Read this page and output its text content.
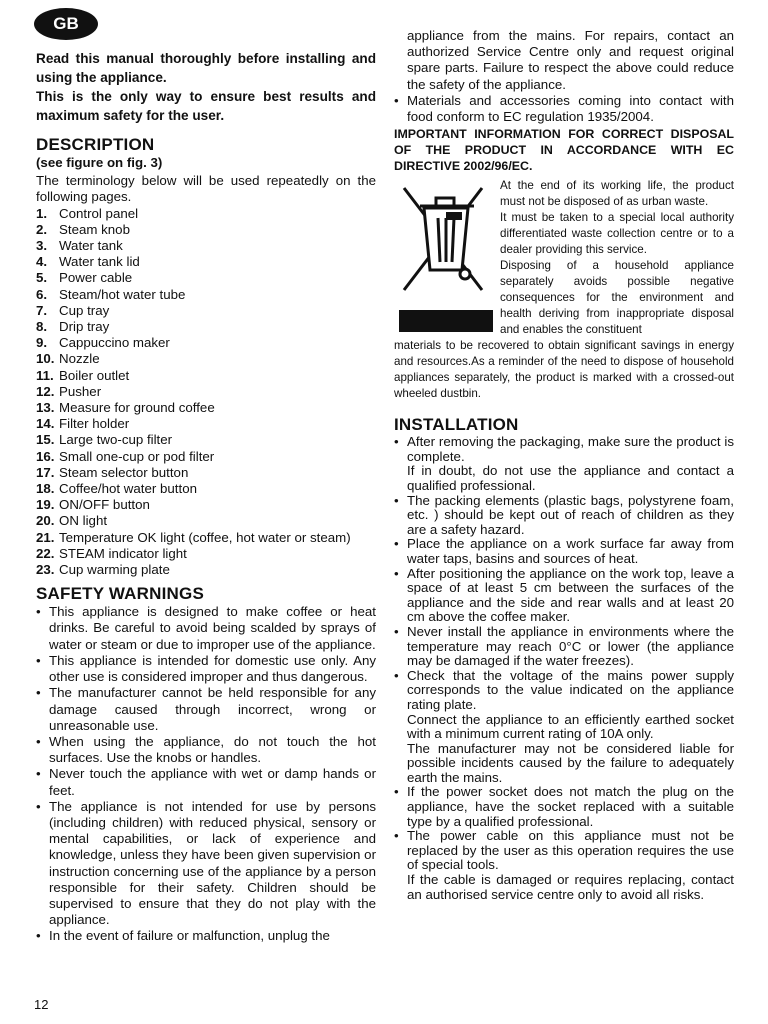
GB

Read this manual thoroughly before installing and using the appliance.

This is the only way to ensure best results and maximum safety for the user.

DESCRIPTION

(see figure on fig. 3)

The terminology below will be used repeatedly on the following pages.

1. Control panel
2. Steam knob
3. Water tank
4. Water tank lid
5. Power cable
6. Steam/hot water tube
7. Cup tray
8. Drip tray
9. Cappuccino maker
10. Nozzle
11. Boiler outlet
12. Pusher
13. Measure for ground coffee
14. Filter holder
15. Large two-cup filter
16. Small one-cup or pod filter
17. Steam selector button
18. Coffee/hot water button
19. ON/OFF button
20. ON light
21. Temperature OK light (coffee, hot water or steam)
22. STEAM indicator light
23. Cup warming plate
SAFETY WARNINGS
• This appliance is designed to make coffee or heat drinks. Be careful to avoid being scalded by sprays of water or steam or due to improper use of the appliance.
• This appliance is intended for domestic use only. Any other use is considered improper and thus dangerous.
• The manufacturer cannot be held responsible for any damage caused through incorrect, wrong or unreasonable use.
• When using the appliance, do not touch the hot surfaces. Use the knobs or handles.
• Never touch the appliance with wet or damp hands or feet.
• The appliance is not intended for use by persons (including children) with reduced physical, sensory or mental capabilities, or lack of experience and knowledge, unless they have been given supervision or instruction concerning use of the appliance by a person responsible for their safety. Children should be supervised to ensure that they do not play with the appliance.
• In the event of failure or malfunction, unplug the

appliance from the mains. For repairs, contact an authorized Service Centre only and request original spare parts. Failure to respect the above could reduce the safety of the appliance.

• Materials and accessories coming into contact with food conform to EC regulation 1935/2004.

IMPORTANT INFORMATION FOR CORRECT DISPOSAL OF THE PRODUCT IN ACCORDANCE WITH EC DIRECTIVE 2002/96/EC.

At the end of its working life, the product must not be disposed of as urban waste.

It must be taken to a special local authority differentiated waste collection centre or to a dealer providing this service.

Disposing of a household appliance separately avoids possible negative consequences for the environment and health deriving from inappropriate disposal and enables the constituent

materials to be recovered to obtain significant savings in energy and resources.As a reminder of the need to dispose of household appliances separately, the product is marked with a crossed-out wheeled dustbin.

INSTALLATION
• After removing the packaging, make sure the product is complete.

If in doubt, do not use the appliance and contact a qualified professional.

• The packing elements (plastic bags, polystyrene foam, etc. ) should be kept out of reach of children as they are a safety hazard.
• Place the appliance on a work surface far away from water taps, basins and sources of heat.
• After positioning the appliance on the work top, leave a space of at least 5 cm between the surfaces of the appliance and the side and rear walls and at least 20 cm above the coffee maker.
• Never install the appliance in environments where the temperature may reach 0°C or lower (the appliance may be damaged if the water freezes).
• Check that the voltage of the mains power supply corresponds to the value indicated on the appliance rating plate.

Connect the appliance to an efficiently earthed socket with a minimum current rating of 10A only.

The manufacturer may not be considered liable for possible incidents caused by the failure to adequately earth the mains.

• If the power socket does not match the plug on the appliance, have the socket replaced with a suitable type by a qualified professional.
• The power cable on this appliance must not be replaced by the user as this operation requires the use of special tools.

If the cable is damaged or requires replacing, contact an authorised service centre only to avoid all risks.

12
